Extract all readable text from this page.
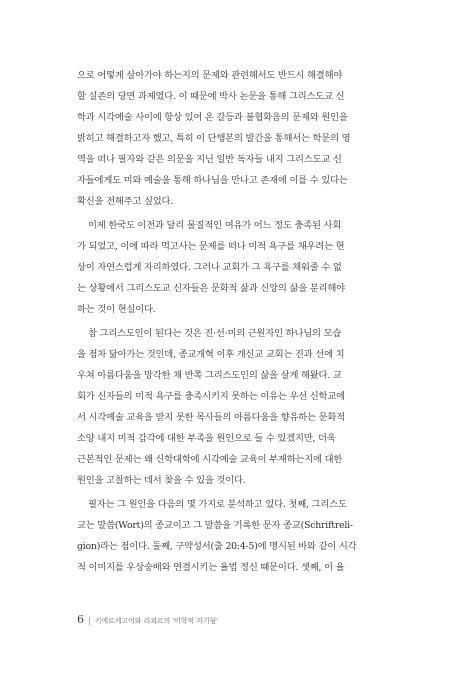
으로 어떻게 살아가야 하는지의 문제와 관련해서도 반드시 해결해야
할 실존의 당면 과제였다. 이 때문에 박사 논문을 통해 그리스도교 신
학과 시각예술 사이에 항상 있어 온 갈등과 불협화음의 문제와 원인을
밝히고 해결하고자 했고, 특히 이 단행본의 발간을 통해서는 학문의 영
역을 떠나 필자와 같은 의문을 지닌 일반 독자들 내지 그리스도교 신
자들에게도 미와 예술을 통해 하나님을 만나고 존재에 이를 수 있다는
확신을 전해주고 싶었다.
이제 한국도 이전과 달리 물질적인 여유가 어느 정도 충족된 사회
가 되었고, 이에 따라 먹고사는 문제를 떠나 미적 욕구를 채우려는 현
상이 자연스럽게 자리하였다. 그러나 교회가 그 욕구를 채워줄 수 없
는 상황에서 그리스도교 신자들은 문화적 삶과 신앙의 삶을 분리해야
하는 것이 현실이다.
참 그리스도인이 된다는 것은 진·선·미의 근원자인 하나님의 모습
을 점차 닮아가는 것인데, 종교개혁 이후 개신교 교회는 진과 선에 치
우쳐 아름다움을 망각한 채 반쪽 그리스도인의 삶을 살게 해왔다. 교
회가 신자들의 미적 욕구를 충족시키지 못하는 이유는 우선 신학교에
서 시각예술 교육을 받지 못한 목사들의 아름다움을 향유하는 문화적
소양 내지 미적 감각에 대한 부족을 원인으로 들 수 있겠지만, 더욱
근본적인 문제는 왜 신학대학에 시각예술 교육이 부재하는지에 대한
원인을 고찰하는 데서 찾을 수 있을 것이다.
필자는 그 원인을 다음의 몇 가지로 분석하고 있다. 첫째, 그리스도
교는 말씀(Wort)의 종교이고 그 말씀을 기록한 문자 종교(Schriftreli-
gion)라는 점이다. 둘째, 구약성서(출 20:4-5)에 명시된 바와 같이 시각
적 이미지를 우상숭배와 연결시키는 율법 정신 때문이다. 셋째, 이 율
6 | 키에르케고어와 리쾨르의 '미학적 자기됨'
